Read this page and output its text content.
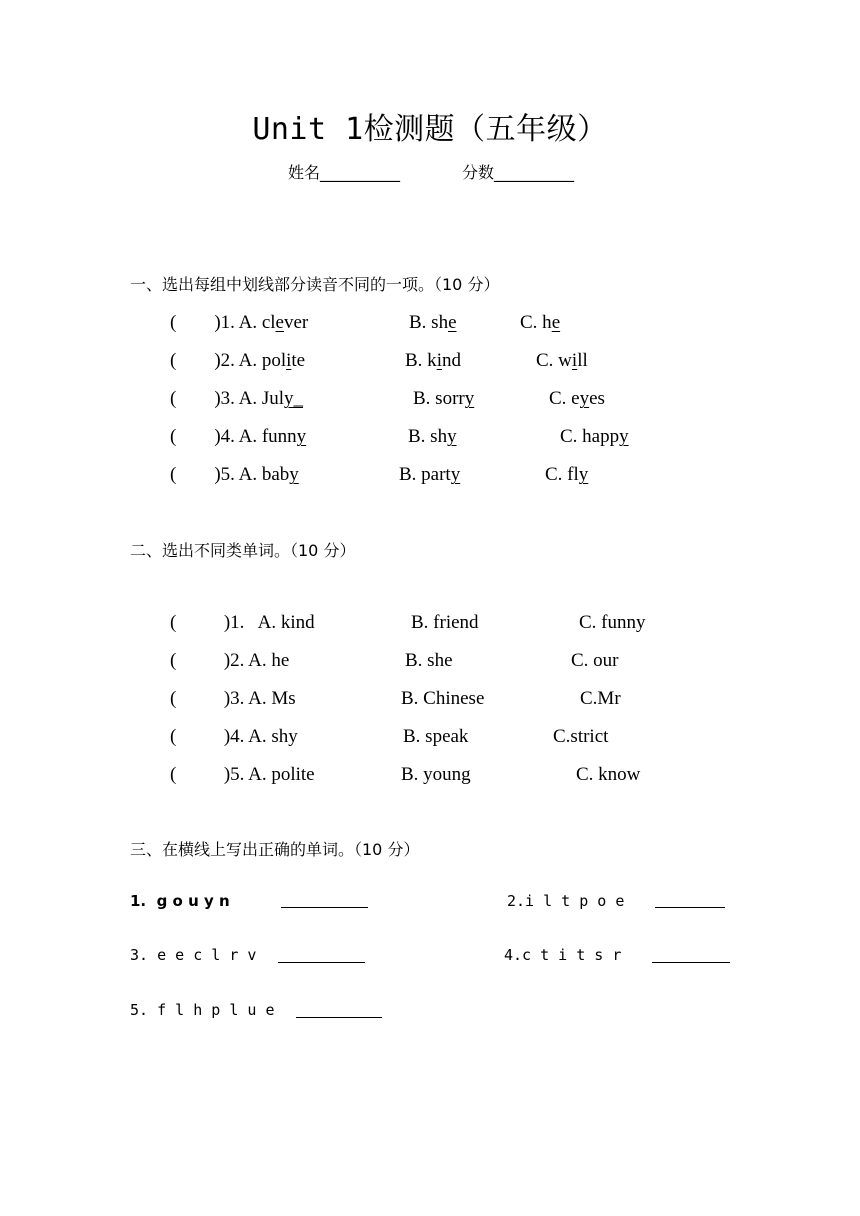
Unit 1检测题（五年级）
姓名__________	分数__________
一、选出每组中划线部分读音不同的一项。（10 分）
(        )1. A. clever	B. she	C. he
(        )2. A. polite	B. kind	C. will
(        )3. A. July_	B. sorry	C. eyes
(        )4. A. funny	B. shy	C. happy
(        )5. A. baby	B. party	C. fly
二、选出不同类单词。（10 分）
(          )1.   A. kind	B. friend	C. funny
(          )2. A. he	B. she	C. our
(          )3. A. Ms	B. Chinese	C.Mr
(          )4. A. shy	B. speak	C.strict
(          )5. A. polite	B. young	C. know
三、在横线上写出正确的单词。（10 分）
1.  g o u y n	2.i l t p o e
3. e e c l r v	4.c t i t s r
5. f l h p l u e
